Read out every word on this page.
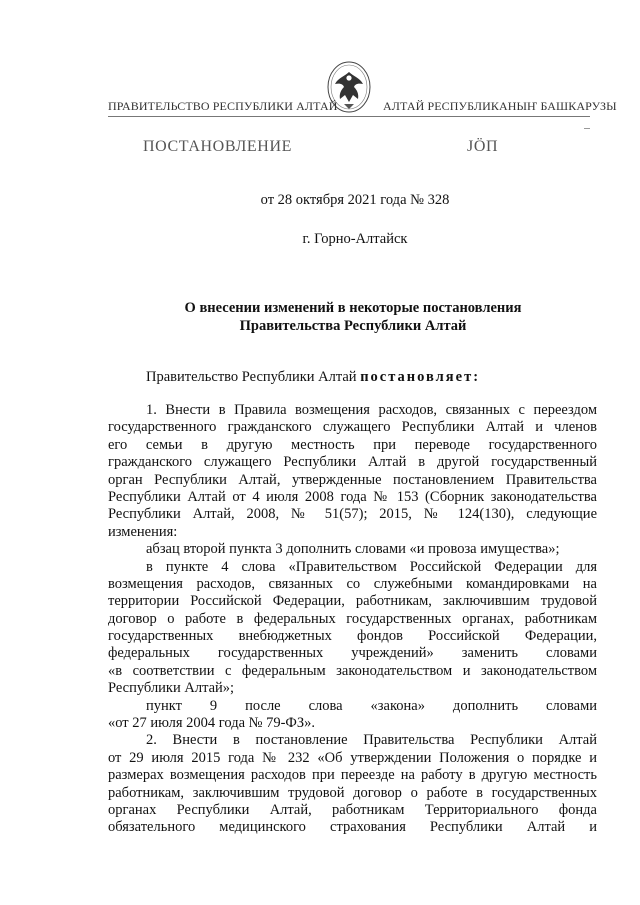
ПРАВИТЕЛЬСТВО РЕСПУБЛИКИ АЛТАЙ	АЛТАЙ РЕСПУБЛИКАНЫҤ БАШКАРУЗЫ
ПОСТАНОВЛЕНИЕ	ЈӦП
от 28 октября 2021 года № 328
г. Горно-Алтайск
О внесении изменений в некоторые постановления
Правительства Республики Алтай
Правительство Республики Алтай постановляет:
1. Внести в Правила возмещения расходов, связанных с переездом
государственного гражданского служащего Республики Алтай и членов
его семьи в другую местность при переводе государственного
гражданского служащего Республики Алтай в другой государственный
орган Республики Алтай, утвержденные постановлением Правительства
Республики Алтай от 4 июля 2008 года № 153 (Сборник законодательства
Республики Алтай, 2008, № 51(57); 2015, № 124(130), следующие
изменения:
абзац второй пункта 3 дополнить словами «и провоза имущества»;
в пункте 4 слова «Правительством Российской Федерации для
возмещения расходов, связанных со служебными командировками на
территории Российской Федерации, работникам, заключившим трудовой
договор о работе в федеральных государственных органах, работникам
государственных внебюджетных фондов Российской Федерации,
федеральных государственных учреждений» заменить словами
«в соответствии с федеральным законодательством и законодательством
Республики Алтай»;
пункт 9 после слова «закона» дополнить словами
«от 27 июля 2004 года № 79-ФЗ».
2. Внести в постановление Правительства Республики Алтай
от 29 июля 2015 года № 232 «Об утверждении Положения о порядке и
размерах возмещения расходов при переезде на работу в другую местность
работникам, заключившим трудовой договор о работе в государственных
органах Республики Алтай, работникам Территориального фонда
обязательного медицинского страхования Республики Алтай и
